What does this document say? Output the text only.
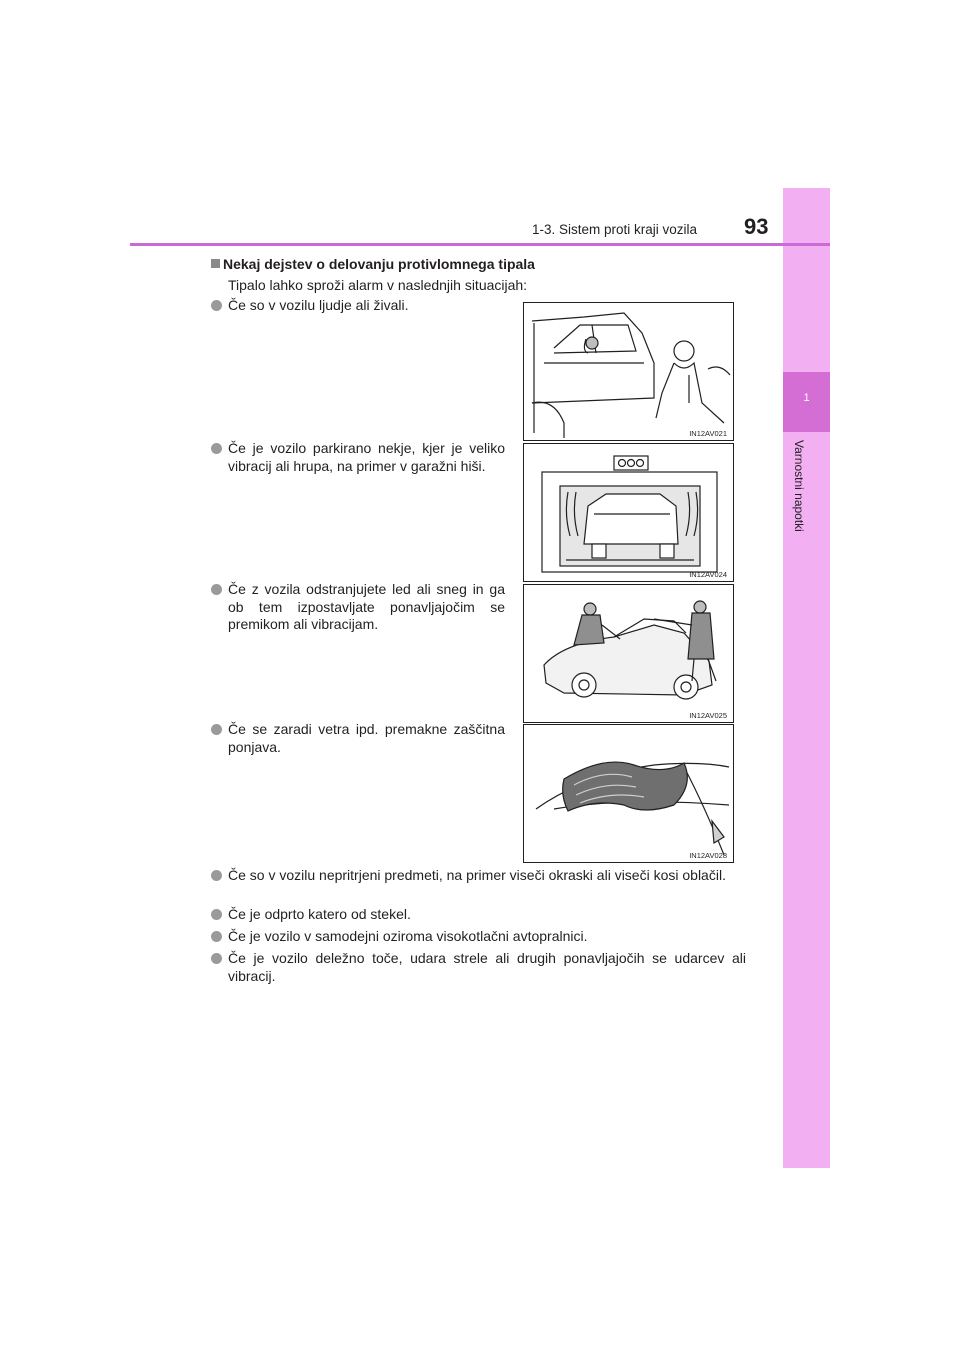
1
Varnostni napotki
1-3. Sistem proti kraji vozila 93
Nekaj dejstev o delovanju protivlomnega tipala
Tipalo lahko sproži alarm v naslednjih situacijah:
Če so v vozilu ljudje ali živali.
IN12AV021
Če je vozilo parkirano nekje, kjer je veliko vibracij ali hrupa, na primer v garažni hiši.
IN12AV024
Če z vozila odstranjujete led ali sneg in ga ob tem izpostavljate ponavljajočim se premikom ali vibracijam.
IN12AV025
Če se zaradi vetra ipd. premakne zaščitna ponjava.
IN12AV028
Če so v vozilu nepritrjeni predmeti, na primer viseči okraski ali viseči kosi oblačil.
Če je odprto katero od stekel.
Če je vozilo v samodejni oziroma visokotlačni avtopralnici.
Če je vozilo deležno toče, udara strele ali drugih ponavljajočih se udarcev ali vibracij.
